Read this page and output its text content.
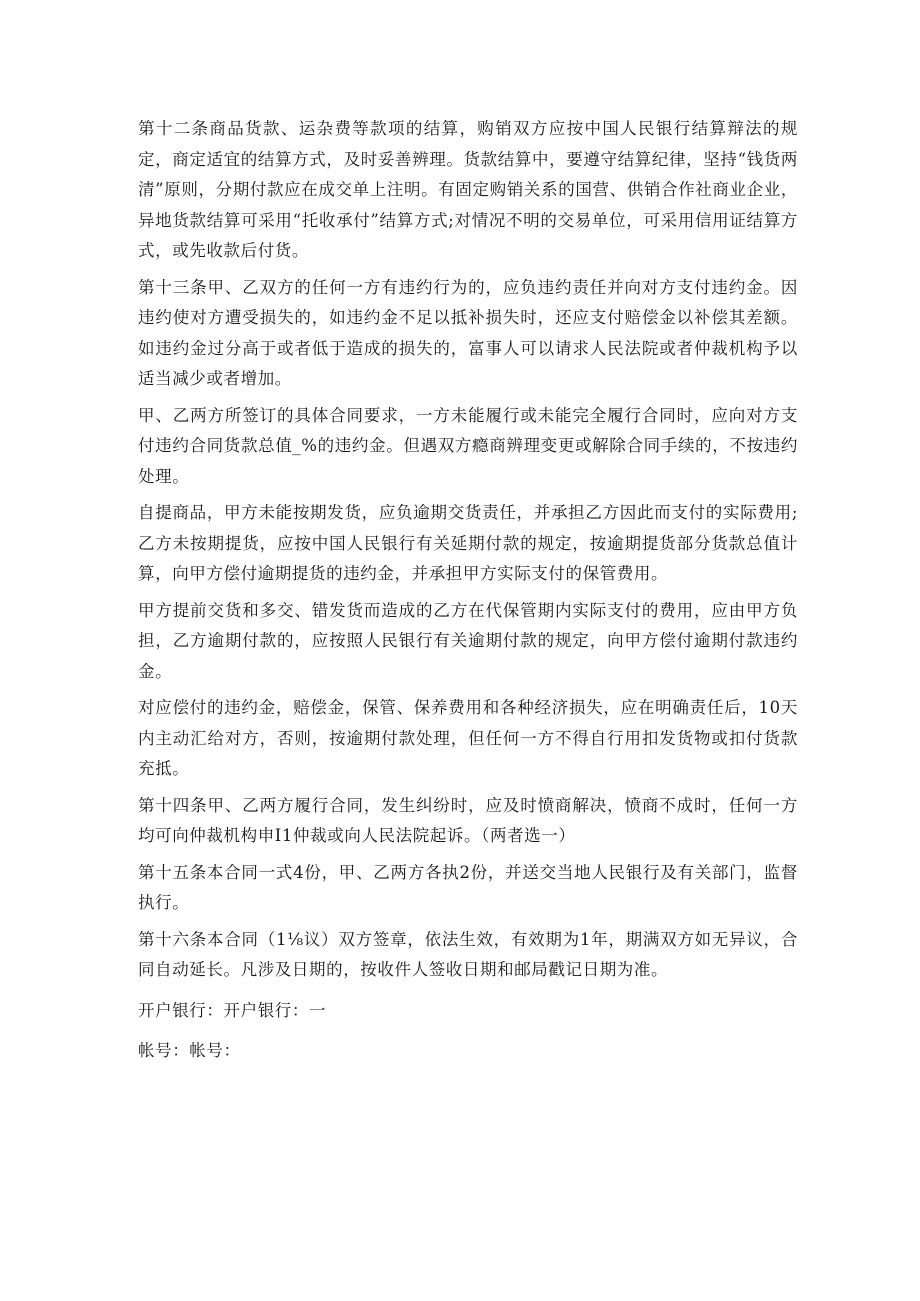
第十二条商品货款、运杂费等款项的结算，购销双方应按中国人民银行结算辩法的规定，商定适宜的结算方式，及时妥善辨理。货款结算中，要遵守结算纪律，坚持“钱货两清”原则，分期付款应在成交单上注明。有固定购销关系的国营、供销合作社商业企业，异地货款结算可采用“托收承付”结算方式;对情况不明的交易单位，可采用信用证结算方式，或先收款后付货。

第十三条甲、乙双方的任何一方有违约行为的，应负违约责任并向对方支付违约金。因违约使对方遭受损失的，如违约金不足以抵补损失时，还应支付赔偿金以补偿其差额。如违约金过分高于或者低于造成的损失的，富事人可以请求人民法院或者仲裁机构予以适当减少或者增加。

甲、乙两方所签订的具体合同要求，一方未能履行或未能完全履行合同时，应向对方支付违约合同货款总值_%的违约金。但遇双方瘾商辨理变更或解除合同手续的，不按违约处理。

自提商品，甲方未能按期发货，应负逾期交货责任，并承担乙方因此而支付的实际费用;乙方未按期提货，应按中国人民银行有关延期付款的规定，按逾期提货部分货款总值计算，向甲方偿付逾期提货的违约金，并承担甲方实际支付的保管费用。

甲方提前交货和多交、错发货而造成的乙方在代保管期内实际支付的费用，应由甲方负担，乙方逾期付款的，应按照人民银行有关逾期付款的规定，向甲方偿付逾期付款违约金。

对应偿付的违约金，赔偿金，保管、保养费用和各种经济损失，应在明确责任后，10天内主动汇给对方，否则，按逾期付款处理，但任何一方不得自行用扣发货物或扣付货款充抵。

第十四条甲、乙两方履行合同，发生纠纷时，应及时愤商解决，愤商不成时，任何一方均可向仲裁机构申I1仲裁或向人民法院起诉。（两者选一）

第十五条本合同一式4份，甲、乙两方各执2份，并送交当地人民银行及有关部门，监督执行。

第十六条本合同（1⅛议）双方签章，依法生效，有效期为1年，期满双方如无异议，合同自动延长。凡涉及日期的，按收件人签收日期和邮局戳记日期为准。

开户银行：开户银行：一

帐号：帐号：
